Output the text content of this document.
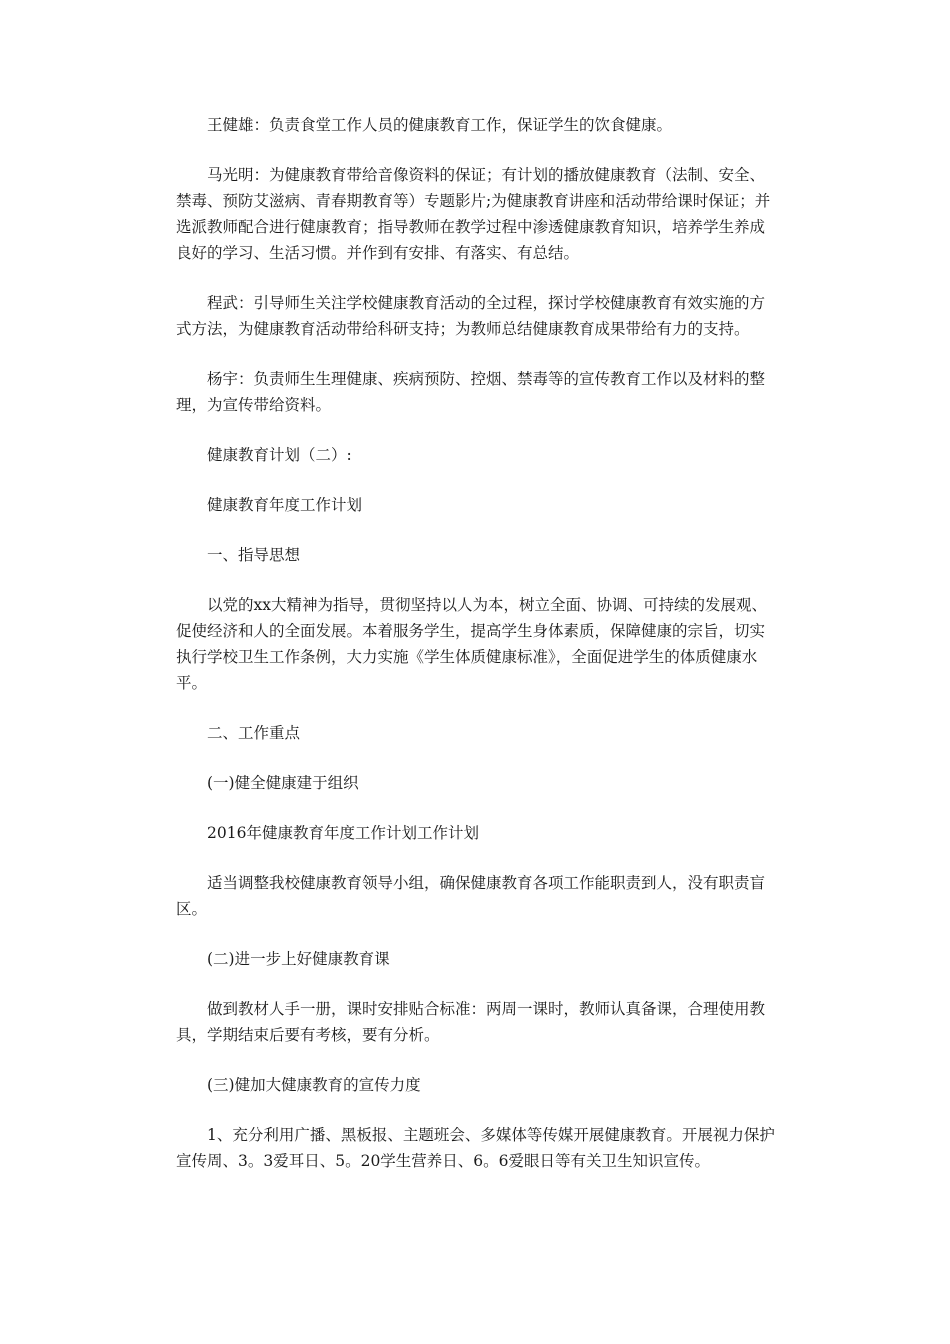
王健雄：负责食堂工作人员的健康教育工作，保证学生的饮食健康。

马光明：为健康教育带给音像资料的保证；有计划的播放健康教育（法制、安全、禁毒、预防艾滋病、青春期教育等）专题影片;为健康教育讲座和活动带给课时保证；并选派教师配合进行健康教育；指导教师在教学过程中渗透健康教育知识，培养学生养成良好的学习、生活习惯。并作到有安排、有落实、有总结。

程武：引导师生关注学校健康教育活动的全过程，探讨学校健康教育有效实施的方式方法，为健康教育活动带给科研支持；为教师总结健康教育成果带给有力的支持。

杨宇：负责师生生理健康、疾病预防、控烟、禁毒等的宣传教育工作以及材料的整理，为宣传带给资料。

健康教育计划（二）:

健康教育年度工作计划

一、指导思想

以党的xx大精神为指导，贯彻坚持以人为本，树立全面、协调、可持续的发展观、促使经济和人的全面发展。本着服务学生，提高学生身体素质，保障健康的宗旨，切实执行学校卫生工作条例，大力实施《学生体质健康标准》，全面促进学生的体质健康水平。

二、工作重点

(一)健全健康建于组织

2016年健康教育年度工作计划工作计划

适当调整我校健康教育领导小组，确保健康教育各项工作能职责到人，没有职责盲区。

(二)进一步上好健康教育课

做到教材人手一册，课时安排贴合标准：两周一课时，教师认真备课，合理使用教具，学期结束后要有考核，要有分析。

(三)健加大健康教育的宣传力度

1、充分利用广播、黑板报、主题班会、多媒体等传媒开展健康教育。开展视力保护宣传周、3。3爱耳日、5。20学生营养日、6。6爱眼日等有关卫生知识宣传。
